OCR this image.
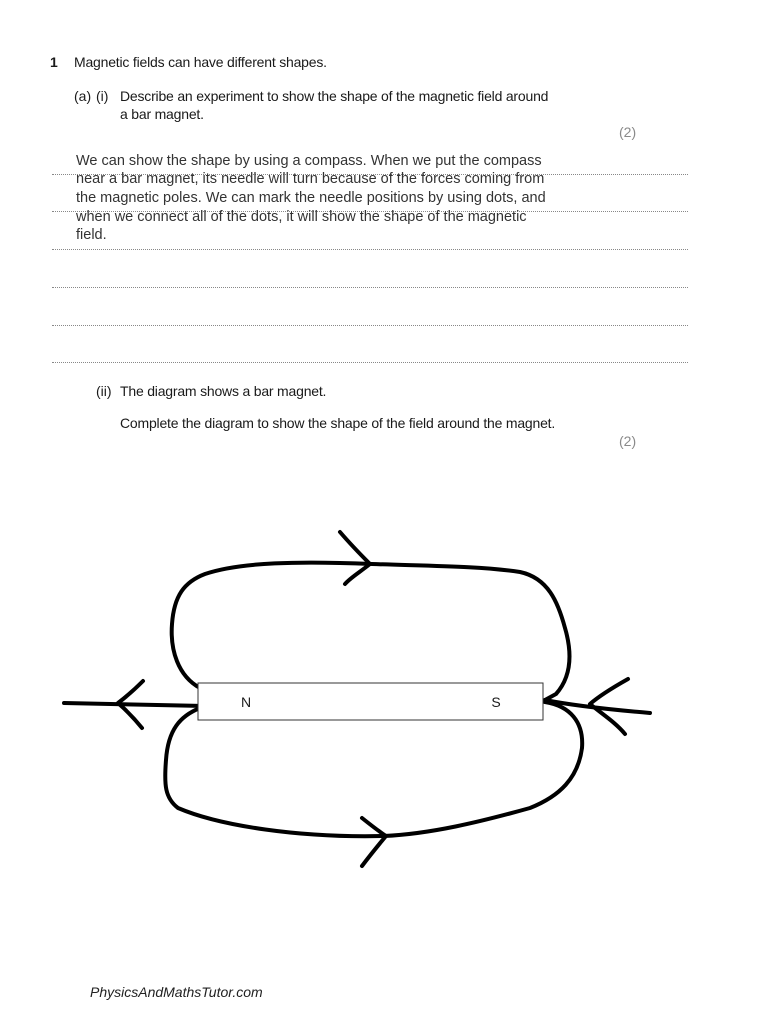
1 Magnetic fields can have different shapes.
(a) (i) Describe an experiment to show the shape of the magnetic field around
a bar magnet.
(2)
We can show the shape by using a compass. When we put the compass
near a bar magnet, its needle will turn because of the forces coming from
the magnetic poles. We can mark the needle positions by using dots, and
when we connect all of the dots, it will show the shape of the magnetic
field.
(ii) The diagram shows a bar magnet.
Complete the diagram to show the shape of the field around the magnet.
(2)
N	S
PhysicsAndMathsTutor.com
